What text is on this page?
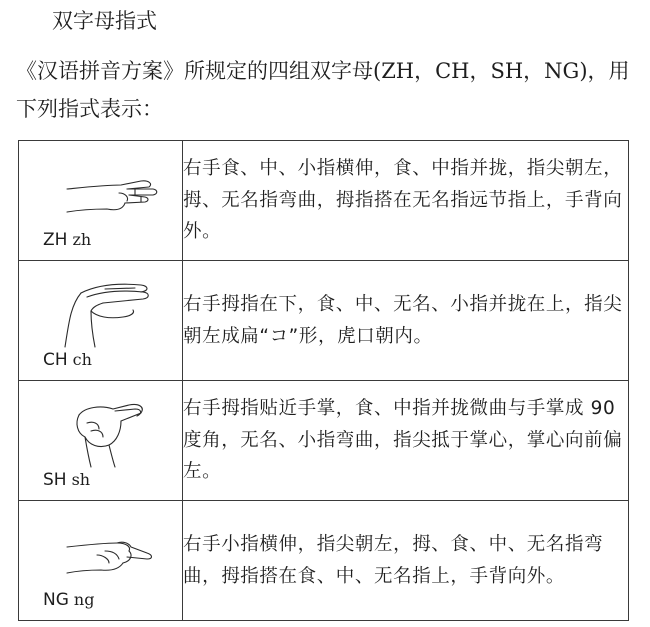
双字母指式
《汉语拼音方案》所规定的四组双字母(ZH，CH，SH，NG)，用下列指式表示：
ZH zh	右手食、中、小指横伸，食、中指并拢，指尖朝左，拇、无名指弯曲，拇指搭在无名指远节指上，手背向外。

CH ch	右手拇指在下，食、中、无名、小指并拢在上，指尖朝左成扁“コ”形，虎口朝内。

SH sh	右手拇指贴近手掌，食、中指并拢微曲与手掌成 90 度角，无名、小指弯曲，指尖抵于掌心，掌心向前偏左。

NG ng	右手小指横伸，指尖朝左，拇、食、中、无名指弯曲，拇指搭在食、中、无名指上，手背向外。
